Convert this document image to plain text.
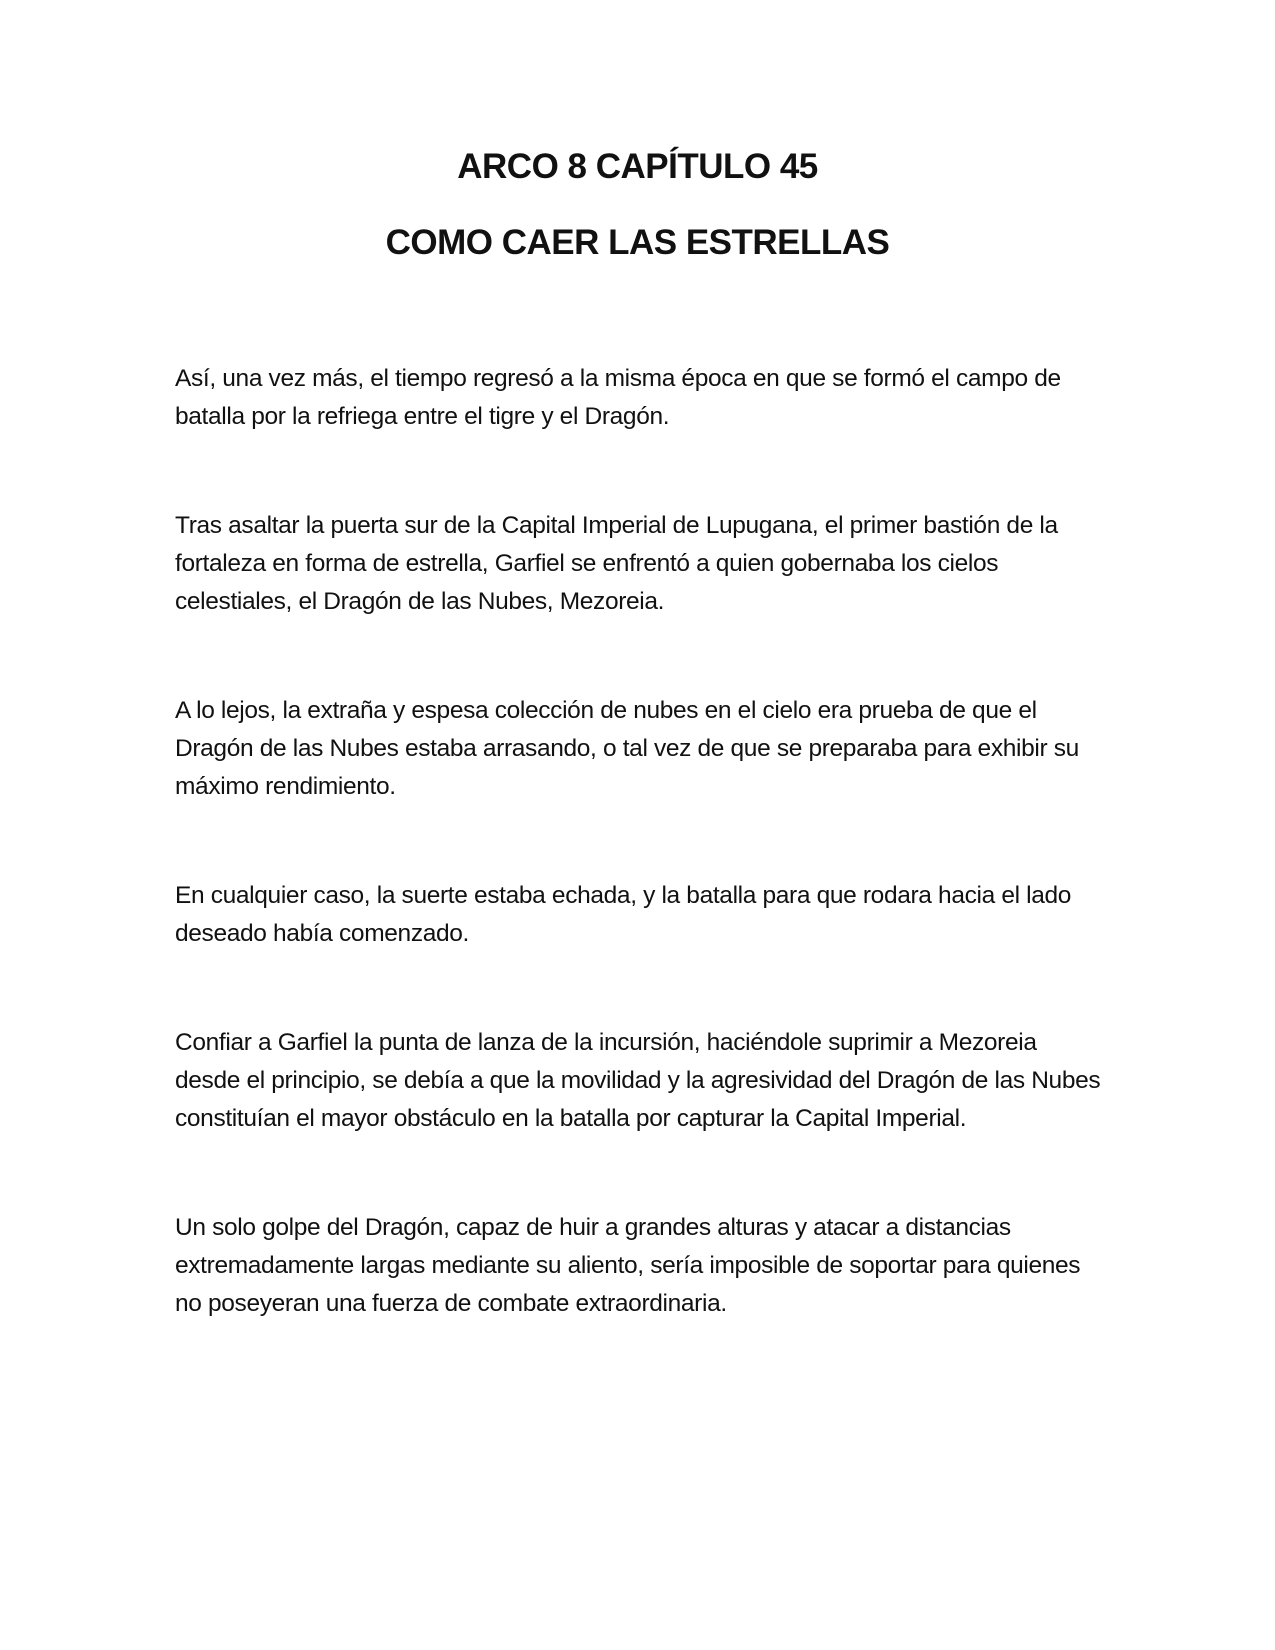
ARCO 8 CAPÍTULO 45
COMO CAER LAS ESTRELLAS

Así, una vez más, el tiempo regresó a la misma época en que se formó el campo de batalla por la refriega entre el tigre y el Dragón.

Tras asaltar la puerta sur de la Capital Imperial de Lupugana, el primer bastión de la fortaleza en forma de estrella, Garfiel se enfrentó a quien gobernaba los cielos celestiales, el Dragón de las Nubes, Mezoreia.

A lo lejos, la extraña y espesa colección de nubes en el cielo era prueba de que el Dragón de las Nubes estaba arrasando, o tal vez de que se preparaba para exhibir su máximo rendimiento.

En cualquier caso, la suerte estaba echada, y la batalla para que rodara hacia el lado deseado había comenzado.

Confiar a Garfiel la punta de lanza de la incursión, haciéndole suprimir a Mezoreia desde el principio, se debía a que la movilidad y la agresividad del Dragón de las Nubes constituían el mayor obstáculo en la batalla por capturar la Capital Imperial.

Un solo golpe del Dragón, capaz de huir a grandes alturas y atacar a distancias extremadamente largas mediante su aliento, sería imposible de soportar para quienes no poseyeran una fuerza de combate extraordinaria.
